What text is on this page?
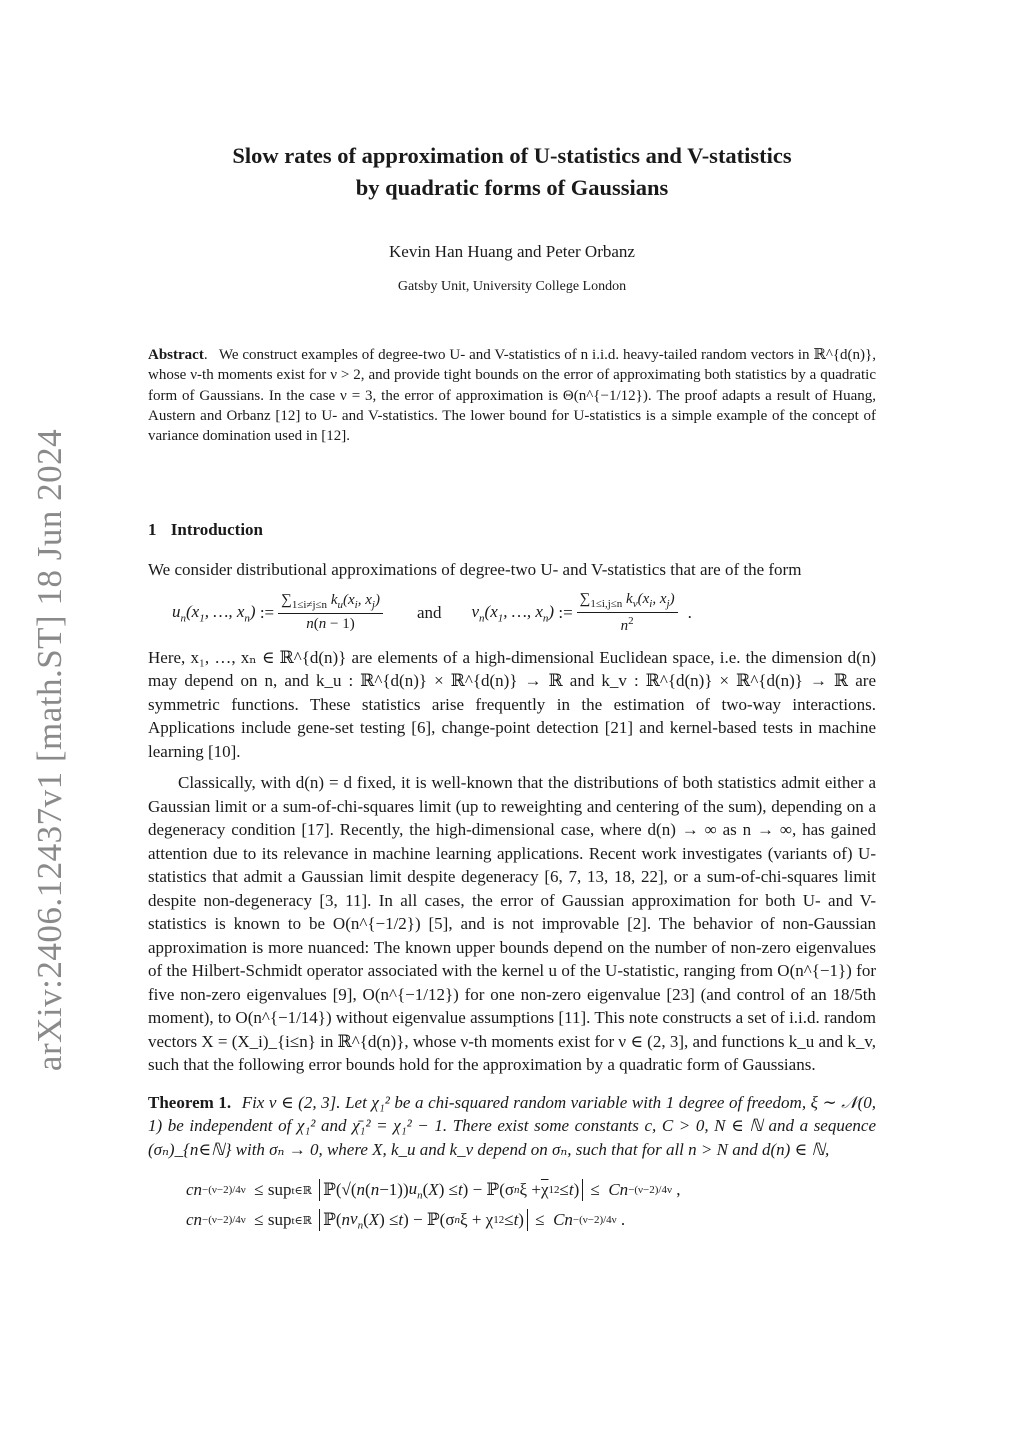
arXiv:2406.12437v1 [math.ST] 18 Jun 2024

Slow rates of approximation of U-statistics and V-statistics

by quadratic forms of Gaussians

Kevin Han Huang and Peter Orbanz
Gatsby Unit, University College London
Abstract.   We construct examples of degree-two U- and V-statistics of n i.i.d. heavy-tailed random vectors in ℝ^{d(n)}, whose ν-th moments exist for ν > 2, and provide tight bounds on the error of approximating both statistics by a quadratic form of Gaussians. In the case ν = 3, the error of approximation is Θ(n^{−1/12}). The proof adapts a result of Huang, Austern and Orbanz [12] to U- and V-statistics. The lower bound for U-statistics is a simple example of the concept of variance domination used in [12].
1 Introduction

We consider distributional approximations of degree-two U- and V-statistics that are of the form

$u_n(x_1$, …, $x_n$) := $\frac{\sum_{1\le i\ne j\le n} k_u(x_i, x_j)}{n(n - 1)}$ and $v_n(x_1$, …, $x_n$) := $\frac{\sum_{1\le i,j\le n} k_v(x_i, x_j)}{n^2}$ .

Here, x₁, …, xₙ ∈ ℝ^{d(n)} are elements of a high-dimensional Euclidean space, i.e. the dimension d(n) may depend on n, and k_u : ℝ^{d(n)} × ℝ^{d(n)} → ℝ and k_v : ℝ^{d(n)} × ℝ^{d(n)} → ℝ are symmetric functions. These statistics arise frequently in the estimation of two-way interactions. Applications include gene-set testing [6], change-point detection [21] and kernel-based tests in machine learning [10].

Classically, with d(n) = d fixed, it is well-known that the distributions of both statistics admit either a Gaussian limit or a sum-of-chi-squares limit (up to reweighting and centering of the sum), depending on a degeneracy condition [17]. Recently, the high-dimensional case, where d(n) → ∞ as n → ∞, has gained attention due to its relevance in machine learning applications. Recent work investigates (variants of) U-statistics that admit a Gaussian limit despite degeneracy [6, 7, 13, 18, 22], or a sum-of-chi-squares limit despite non-degeneracy [3, 11]. In all cases, the error of Gaussian approximation for both U- and V-statistics is known to be O(n^{−1/2}) [5], and is not improvable [2]. The behavior of non-Gaussian approximation is more nuanced: The known upper bounds depend on the number of non-zero eigenvalues of the Hilbert-Schmidt operator associated with the kernel u of the U-statistic, ranging from O(n^{−1}) for five non-zero eigenvalues [9], O(n^{−1/12}) for one non-zero eigenvalue [23] (and control of an 18/5th moment), to O(n^{−1/14}) without eigenvalue assumptions [11]. This note constructs a set of i.i.d. random vectors X = (X_i)_{i≤n} in ℝ^{d(n)}, whose ν-th moments exist for ν ∈ (2, 3], and functions k_u and k_v, such that the following error bounds hold for the approximation by a quadratic form of Gaussians.

Theorem 1. Fix ν ∈ (2, 3]. Let χ₁² be a chi-squared random variable with 1 degree of freedom, ξ ∼ 𝒩(0, 1) be independent of χ₁² and χ̄₁² = χ₁² − 1. There exist some constants c, C > 0, N ∈ ℕ and a sequence (σₙ)_{n∈ℕ} with σₙ → 0, where X, k_u and k_v depend on σₙ, such that for all n > N and d(n) ∈ ℕ,
cn −(ν−2)/4ν ≤ sup t∈ℝ
ℙ(√( n ( n −1)) $u_n$ ( X ) ≤ t ) − ℙ(σ n $\xi + \overline{\chi}$ 1 2 ≤ t )
≤ Cn −(ν−2)/4ν ,
cn −(ν−2)/4ν ≤ sup t∈ℝ
ℙ( n $v_n$ ( X ) ≤ t ) − ℙ(σ n ξ + χ 1 2 ≤ t )
≤ Cn −(ν−2)/4ν .
